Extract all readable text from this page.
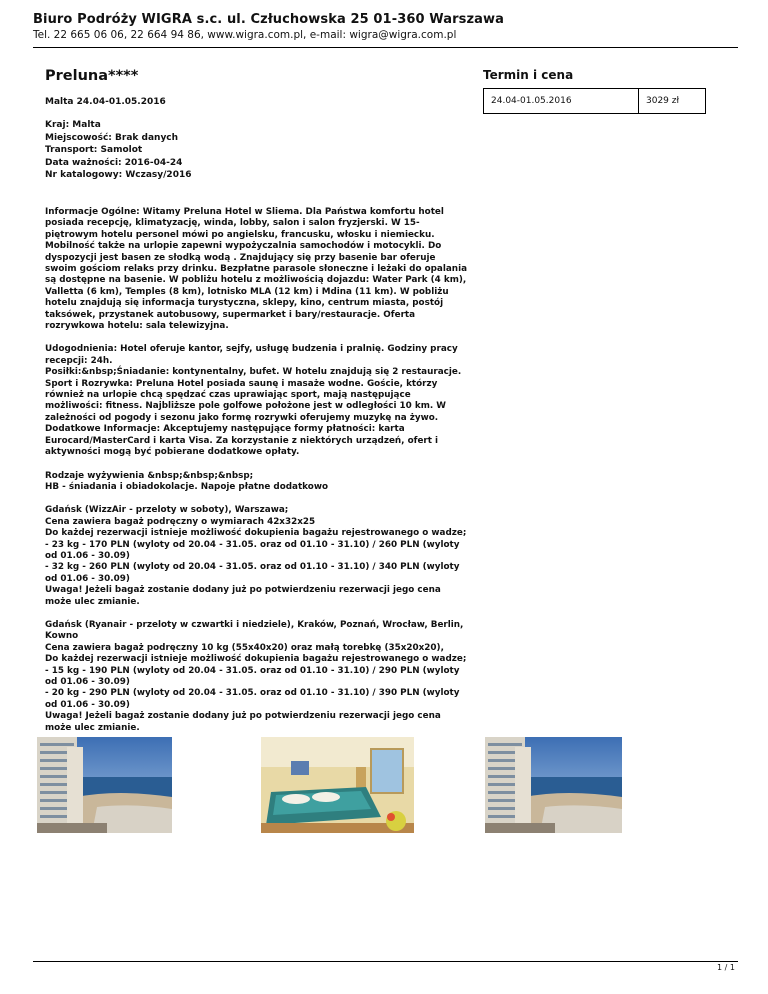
Biuro Podróży WIGRA s.c. ul. Człuchowska 25 01-360 Warszawa
Tel. 22 665 06 06, 22 664 94 86, www.wigra.com.pl, e-mail: wigra@wigra.com.pl
Preluna****
Malta 24.04-01.05.2016
Kraj: Malta
Miejscowość: Brak danych
Transport: Samolot
Data ważności: 2016-04-24
Nr katalogowy: Wczasy/2016
Informacje Ogólne: Witamy Preluna Hotel w Sliema. Dla Państwa komfortu hotel posiada recepcję, klimatyzację, winda, lobby, salon i salon fryzjerski. W 15-piętrowym hotelu personel mówi po angielsku, francusku, włosku i niemiecku. Mobilność także na urlopie zapewni wypożyczalnia samochodów i motocykli. Do dyspozycji jest basen ze słodką wodą . Znajdujący się przy basenie bar oferuje swoim gościom relaks przy drinku. Bezpłatne parasole słoneczne i leżaki do opalania są dostępne na basenie. W pobliżu hotelu z możliwością dojazdu: Water Park (4 km), Valletta (6 km), Temples (8 km), lotnisko MLA (12 km) i Mdina (11 km). W pobliżu hotelu znajdują się informacja turystyczna, sklepy, kino, centrum miasta, postój taksówek, przystanek autobusowy, supermarket i bary/restauracje. Oferta rozrywkowa hotelu: sala telewizyjna.
Udogodnienia: Hotel oferuje kantor, sejfy, usługę budzenia i pralnię. Godziny pracy recepcji: 24h.
Posiłki:&nbsp;Śniadanie: kontynentalny, bufet. W hotelu znajdują się 2 restauracje.
Sport i Rozrywka: Preluna Hotel posiada saunę i masaże wodne. Goście, którzy również na urlopie chcą spędzać czas uprawiając sport, mają następujące możliwości: fitness. Najbliższe pole golfowe położone jest w odległości 10 km. W zależności od pogody i sezonu jako formę rozrywki oferujemy muzykę na żywo.
Dodatkowe Informacje: Akceptujemy następujące formy płatności: karta Eurocard/MasterCard i karta Visa. Za korzystanie z niektórych urządzeń, ofert i aktywności mogą być pobierane dodatkowe opłaty.
Rodzaje wyżywienia &nbsp;&nbsp;&nbsp;
HB - śniadania i obiadokolacje. Napoje płatne dodatkowo
Gdańsk (WizzAir - przeloty w soboty), Warszawa;
Cena zawiera bagaż podręczny o wymiarach 42x32x25
Do każdej rezerwacji istnieje możliwość dokupienia bagażu rejestrowanego o wadze;
- 23 kg - 170 PLN (wyloty od 20.04 - 31.05. oraz od 01.10 - 31.10) / 260 PLN (wyloty od 01.06 - 30.09)
- 32 kg - 260 PLN (wyloty od 20.04 - 31.05. oraz od 01.10 - 31.10) / 340 PLN (wyloty od 01.06 - 30.09)
Uwaga! Jeżeli bagaż zostanie dodany już po potwierdzeniu rezerwacji jego cena może ulec zmianie.
Gdańsk (Ryanair - przeloty w czwartki i niedziele), Kraków, Poznań, Wrocław, Berlin, Kowno
Cena zawiera bagaż podręczny 10 kg (55x40x20) oraz małą torebkę (35x20x20),
Do każdej rezerwacji istnieje możliwość dokupienia bagażu rejestrowanego o wadze;
- 15 kg - 190 PLN (wyloty od 20.04 - 31.05. oraz od 01.10 - 31.10) / 290 PLN (wyloty od 01.06 - 30.09)
- 20 kg - 290 PLN (wyloty od 20.04 - 31.05. oraz od 01.10 - 31.10) / 390 PLN (wyloty od 01.06 - 30.09)
Uwaga! Jeżeli bagaż zostanie dodany już po potwierdzeniu rezerwacji jego cena może ulec zmianie.
Termin i cena
24.04-01.05.2016	3029 zł
1 / 1
